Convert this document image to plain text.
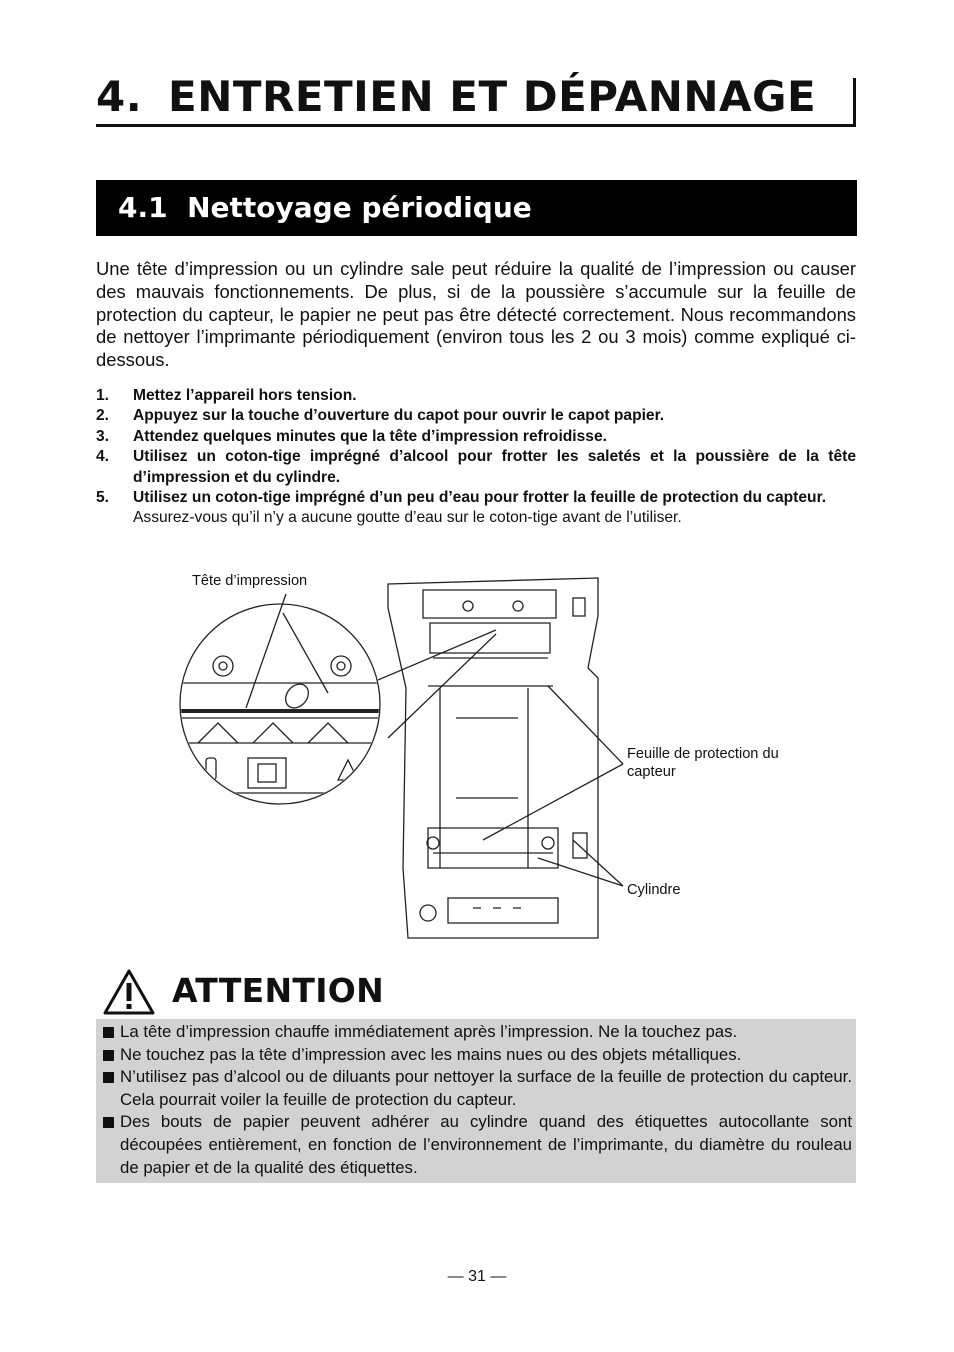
4. ENTRETIEN ET DÉPANNAGE
4.1  Nettoyage périodique
Une tête d’impression ou un cylindre sale peut réduire la qualité de l’impression ou causer des mauvais fonctionnements. De plus, si de la poussière s’accumule sur la feuille de protection du capteur, le papier ne peut pas être détecté correctement. Nous recommandons de nettoyer l’imprimante périodiquement (environ tous les 2 ou 3 mois) comme expliqué ci-dessous.
1. Mettez l’appareil hors tension.
2. Appuyez sur la touche d’ouverture du capot pour ouvrir le capot papier.
3. Attendez quelques minutes que la tête d’impression refroidisse.
4. Utilisez un coton-tige imprégné d’alcool pour frotter les saletés et la poussière de la tête d’impression et du cylindre.
5. Utilisez un coton-tige imprégné d’un peu d’eau pour frotter la feuille de protection du capteur.
Assurez-vous qu’il n’y a aucune goutte d’eau sur le coton-tige avant de l’utiliser.
Tête d’impression
Feuille de protection du capteur
Cylindre
ATTENTION
La tête d’impression chauffe immédiatement après l’impression. Ne la touchez pas.
Ne touchez pas la tête d’impression avec les mains nues ou des objets métalliques.
N’utilisez pas d’alcool ou de diluants pour nettoyer la surface de la feuille de protection du capteur. Cela pourrait voiler la feuille de protection du capteur.
Des bouts de papier peuvent adhérer au cylindre quand des étiquettes autocollante sont découpées entièrement, en fonction de l’environnement de l’imprimante, du diamètre du rouleau de papier et de la qualité des étiquettes.
— 31 —
